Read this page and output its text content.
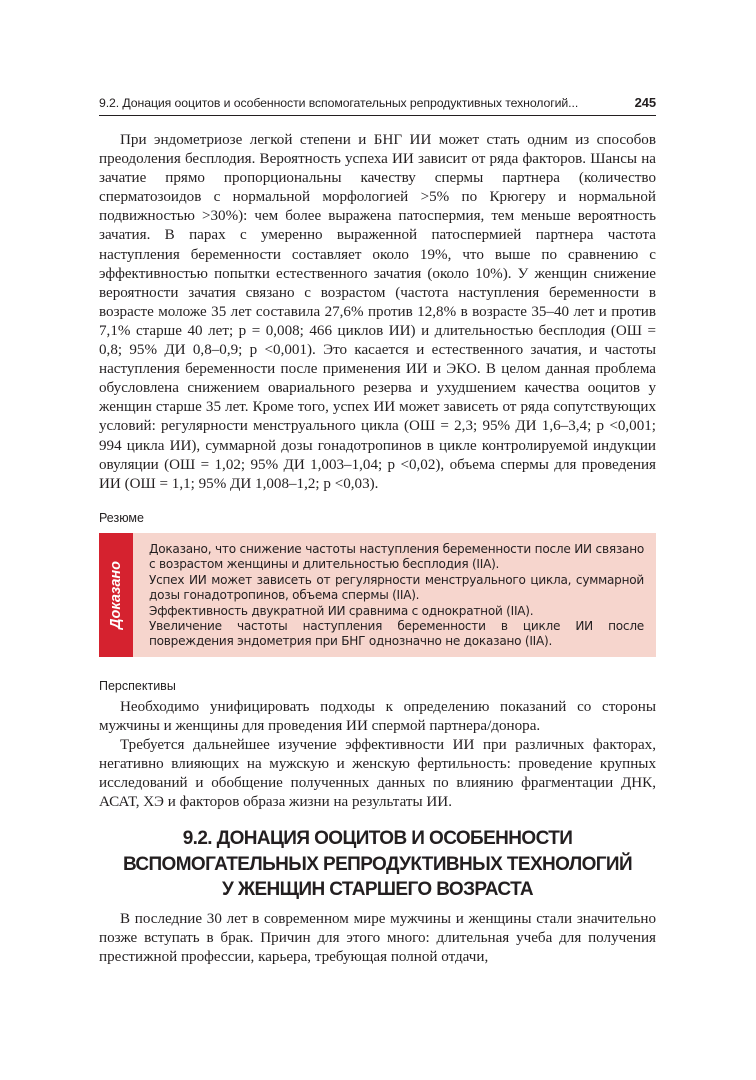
9.2. Донация ооцитов и особенности вспомогательных репродуктивных технологий...	245

При эндометриозе легкой степени и БНГ ИИ может стать одним из способов преодоления бесплодия. Вероятность успеха ИИ зависит от ряда факторов. Шансы на зачатие прямо пропорциональны качеству спермы партнера (количество сперматозоидов с нормальной морфологией >5% по Крюгеру и нормальной подвижностью >30%): чем более выражена патоспермия, тем меньше вероятность зачатия. В парах с умеренно выраженной патоспермией партнера частота наступления беременности составляет около 19%, что выше по сравнению с эффективностью попытки естественного зачатия (около 10%). У женщин снижение вероятности зачатия связано с возрастом (частота наступления беременности в возрасте моложе 35 лет составила 27,6% против 12,8% в возрасте 35–40 лет и против 7,1% старше 40 лет; p = 0,008; 466 циклов ИИ) и длительностью бесплодия (ОШ = 0,8; 95% ДИ 0,8–0,9; p <0,001). Это касается и естественного зачатия, и частоты наступления беременности после применения ИИ и ЭКО. В целом данная проблема обусловлена снижением овариального резерва и ухудшением качества ооцитов у женщин старше 35 лет. Кроме того, успех ИИ может зависеть от ряда сопутствующих условий: регулярности менструального цикла (ОШ = 2,3; 95% ДИ 1,6–3,4; p <0,001; 994 цикла ИИ), суммарной дозы гонадотропинов в цикле контролируемой индукции овуляции (ОШ = 1,02; 95% ДИ 1,003–1,04; p <0,02), объема спермы для проведения ИИ (ОШ = 1,1; 95% ДИ 1,008–1,2; p <0,03).

Резюме
Доказано

Доказано, что снижение частоты наступления беременности после ИИ связано с возрастом женщины и длительностью бесплодия (IIA).

Успех ИИ может зависеть от регулярности менструального цикла, суммарной дозы гонадотропинов, объема спермы (IIA).

Эффективность двукратной ИИ сравнима с однократной (IIA).

Увеличение частоты наступления беременности в цикле ИИ после повреждения эндометрия при БНГ однозначно не доказано (IIA).

Перспективы

Необходимо унифицировать подходы к определению показаний со стороны мужчины и женщины для проведения ИИ спермой партнера/донора.

Требуется дальнейшее изучение эффективности ИИ при различных факторах, негативно влияющих на мужскую и женскую фертильность: проведение крупных исследований и обобщение полученных данных по влиянию фрагментации ДНК, АСАТ, ХЭ и факторов образа жизни на результаты ИИ.

9.2. ДОНАЦИЯ ООЦИТОВ И ОСОБЕННОСТИ
ВСПОМОГАТЕЛЬНЫХ РЕПРОДУКТИВНЫХ ТЕХНОЛОГИЙ
У ЖЕНЩИН СТАРШЕГО ВОЗРАСТА

В последние 30 лет в современном мире мужчины и женщины стали значительно позже вступать в брак. Причин для этого много: длительная учеба для получения престижной профессии, карьера, требующая полной отдачи,
